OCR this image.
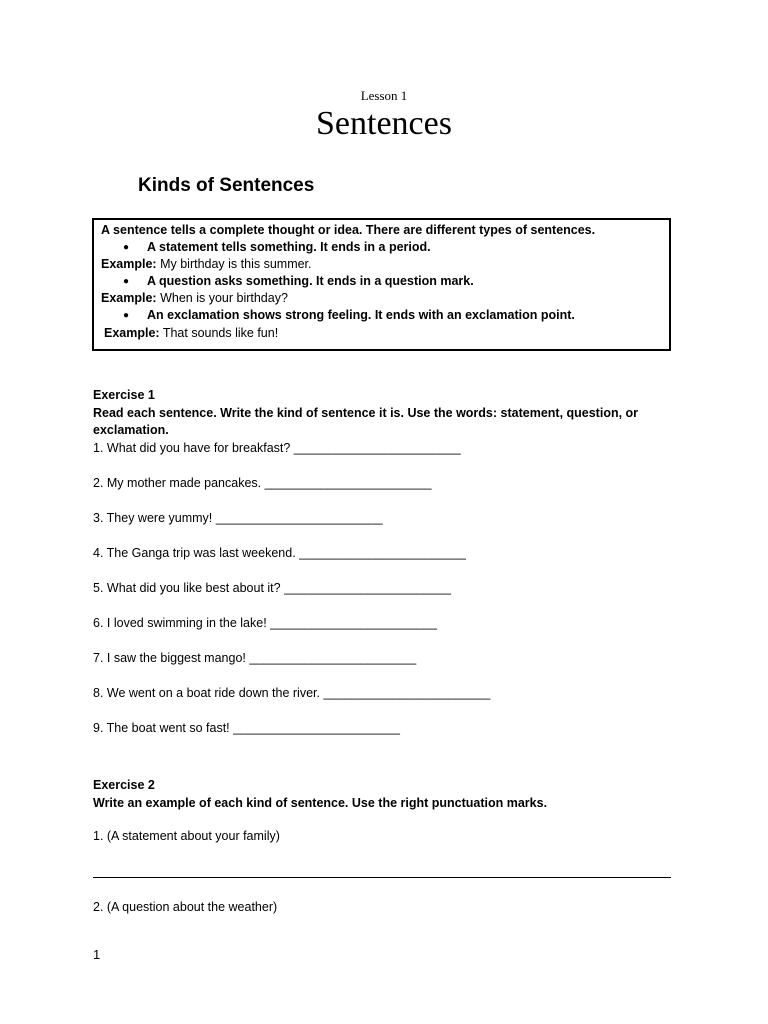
Lesson 1
Sentences
Kinds of Sentences
A sentence tells a complete thought or idea. There are different types of sentences.
● A statement tells something. It ends in a period.
Example: My birthday is this summer.
● A question asks something. It ends in a question mark.
Example: When is your birthday?
● An exclamation shows strong feeling. It ends with an exclamation point.
Example: That sounds like fun!
Exercise 1
Read each sentence. Write the kind of sentence it is. Use the words: statement, question, or exclamation.
1. What did you have for breakfast? ________________________
2. My mother made pancakes. ________________________
3. They were yummy! ________________________
4. The Ganga trip was last weekend. ________________________
5. What did you like best about it? ________________________
6. I loved swimming in the lake! ________________________
7. I saw the biggest mango! ________________________
8. We went on a boat ride down the river. ________________________
9. The boat went so fast! ________________________
Exercise 2
Write an example of each kind of sentence. Use the right punctuation marks.
1. (A statement about your family)
2. (A question about the weather)
1
